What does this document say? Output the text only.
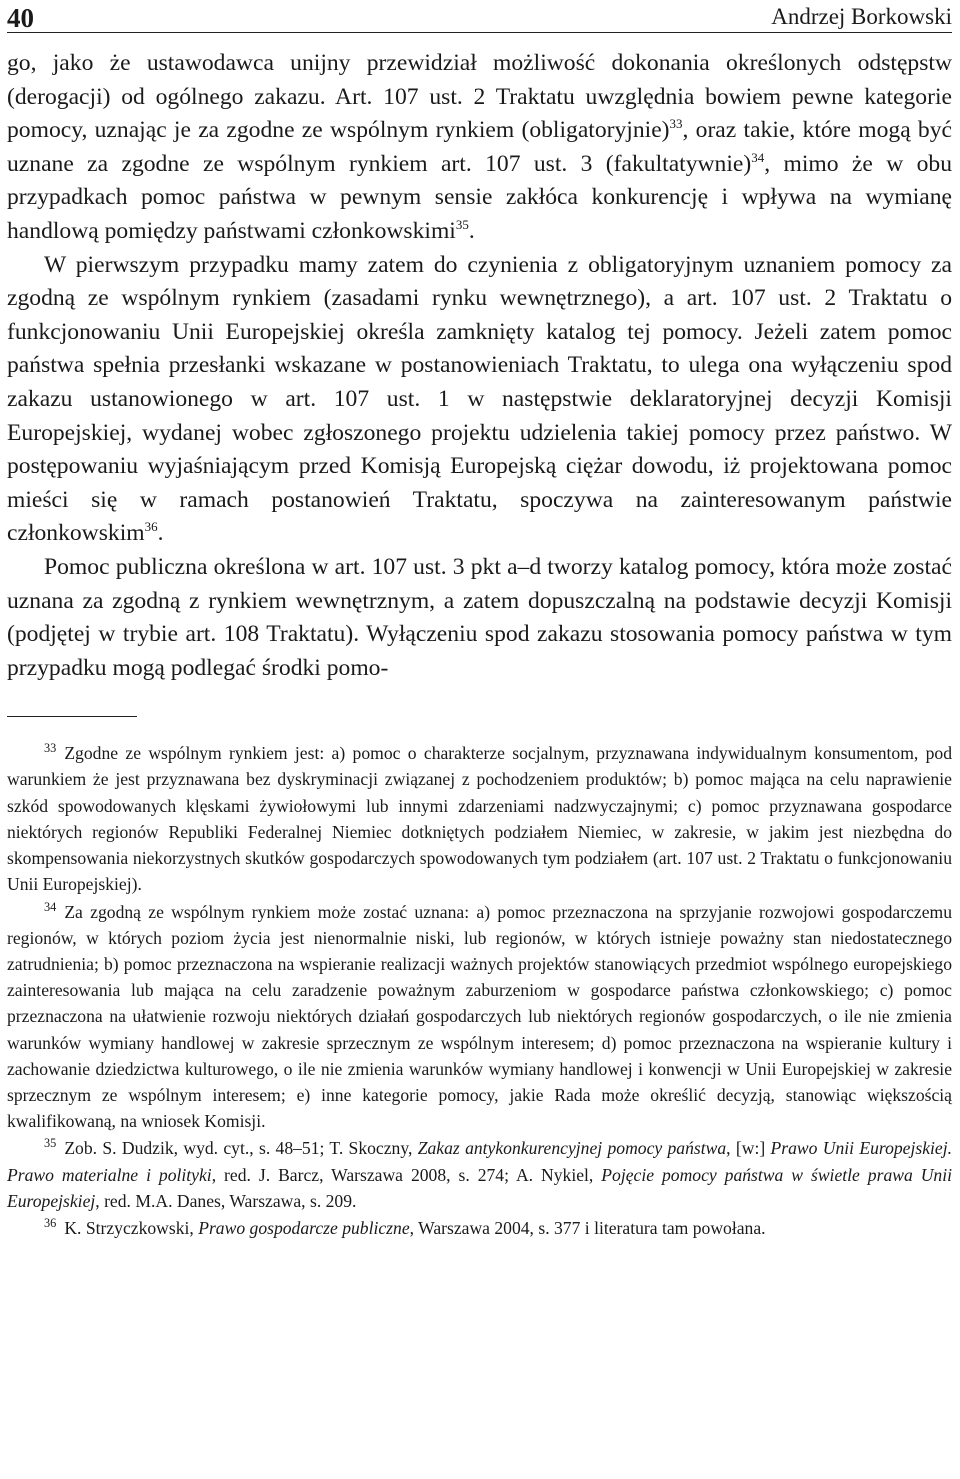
40	Andrzej Borkowski

go, jako że ustawodawca unijny przewidział możliwość dokonania określonych odstępstw (derogacji) od ogólnego zakazu. Art. 107 ust. 2 Traktatu uwzględnia bowiem pewne kategorie pomocy, uznając je za zgodne ze wspólnym rynkiem (obligatoryjnie)$^{33}$, oraz takie, które mogą być uznane za zgodne ze wspólnym rynkiem art. 107 ust. 3 (fakultatywnie)$^{34}$, mimo że w obu przypadkach pomoc państwa w pewnym sensie zakłóca konkurencję i wpływa na wymianę handlową pomiędzy państwami członkowskimi$^{35}$.

W pierwszym przypadku mamy zatem do czynienia z obligatoryjnym uznaniem pomocy za zgodną ze wspólnym rynkiem (zasadami rynku wewnętrznego), a art. 107 ust. 2 Traktatu o funkcjonowaniu Unii Europejskiej określa zamknięty katalog tej pomocy. Jeżeli zatem pomoc państwa spełnia przesłanki wskazane w postanowieniach Traktatu, to ulega ona wyłączeniu spod zakazu ustanowionego w art. 107 ust. 1 w następstwie deklaratoryjnej decyzji Komisji Europejskiej, wydanej wobec zgłoszonego projektu udzielenia takiej pomocy przez państwo. W postępowaniu wyjaśniającym przed Komisją Europejską ciężar dowodu, iż projektowana pomoc mieści się w ramach postanowień Traktatu, spoczywa na zainteresowanym państwie członkowskim$^{36}$.

Pomoc publiczna określona w art. 107 ust. 3 pkt a–d tworzy katalog pomocy, która może zostać uznana za zgodną z rynkiem wewnętrznym, a zatem dopuszczalną na podstawie decyzji Komisji (podjętej w trybie art. 108 Traktatu). Wyłączeniu spod zakazu stosowania pomocy państwa w tym przypadku mogą podlegać środki pomo-

$^{33}$ Zgodne ze wspólnym rynkiem jest: a) pomoc o charakterze socjalnym, przyznawana indywidualnym konsumentom, pod warunkiem że jest przyznawana bez dyskryminacji związanej z pochodzeniem produktów; b) pomoc mająca na celu naprawienie szkód spowodowanych klęskami żywiołowymi lub innymi zdarzeniami nadzwyczajnymi; c) pomoc przyznawana gospodarce niektórych regionów Republiki Federalnej Niemiec dotkniętych podziałem Niemiec, w zakresie, w jakim jest niezbędna do skompensowania niekorzystnych skutków gospodarczych spowodowanych tym podziałem (art. 107 ust. 2 Traktatu o funkcjonowaniu Unii Europejskiej).

$^{34}$ Za zgodną ze wspólnym rynkiem może zostać uznana: a) pomoc przeznaczona na sprzyjanie rozwojowi gospodarczemu regionów, w których poziom życia jest nienormalnie niski, lub regionów, w których istnieje poważny stan niedostatecznego zatrudnienia; b) pomoc przeznaczona na wspieranie realizacji ważnych projektów stanowiących przedmiot wspólnego europejskiego zainteresowania lub mająca na celu zaradzenie poważnym zaburzeniom w gospodarce państwa członkowskiego; c) pomoc przeznaczona na ułatwienie rozwoju niektórych działań gospodarczych lub niektórych regionów gospodarczych, o ile nie zmienia warunków wymiany handlowej w zakresie sprzecznym ze wspólnym interesem; d) pomoc przeznaczona na wspieranie kultury i zachowanie dziedzictwa kulturowego, o ile nie zmienia warunków wymiany handlowej i konwencji w Unii Europejskiej w zakresie sprzecznym ze wspólnym interesem; e) inne kategorie pomocy, jakie Rada może określić decyzją, stanowiąc większością kwalifikowaną, na wniosek Komisji.

$^{35}$ Zob. S. Dudzik, wyd. cyt., s. 48–51; T. Skoczny, Zakaz antykonkurencyjnej pomocy państwa, [w:] Prawo Unii Europejskiej. Prawo materialne i polityki, red. J. Barcz, Warszawa 2008, s. 274; A. Nykiel, Pojęcie pomocy państwa w świetle prawa Unii Europejskiej, red. M.A. Danes, Warszawa, s. 209.

$^{36}$ K. Strzyczkowski, Prawo gospodarcze publiczne, Warszawa 2004, s. 377 i literatura tam powołana.
